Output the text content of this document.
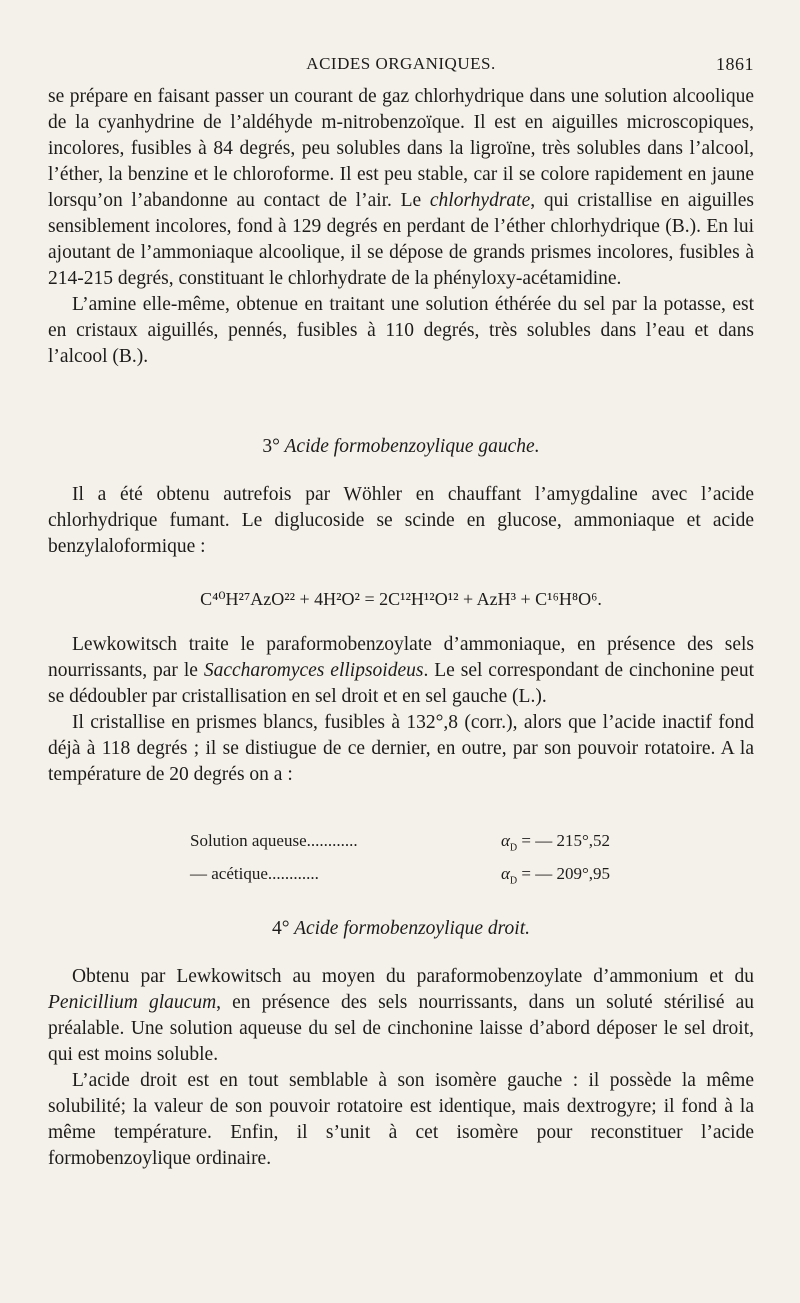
ACIDES ORGANIQUES.	1861

se prépare en faisant passer un courant de gaz chlorhydrique dans une solution alcoolique de la cyanhydrine de l’aldéhyde m-nitrobenzoïque. Il est en aiguilles microscopiques, incolores, fusibles à 84 degrés, peu solubles dans la ligroïne, très solubles dans l’alcool, l’éther, la benzine et le chloroforme. Il est peu stable, car il se colore rapidement en jaune lorsqu’on l’abandonne au contact de l’air. Le chlorhydrate, qui cristallise en aiguilles sensiblement incolores, fond à 129 degrés en perdant de l’éther chlorhydrique (B.). En lui ajoutant de l’ammoniaque alcoolique, il se dépose de grands prismes incolores, fusibles à 214-215 degrés, constituant le chlorhydrate de la phényloxy-acétamidine.

L’amine elle-même, obtenue en traitant une solution éthérée du sel par la potasse, est en cristaux aiguillés, pennés, fusibles à 110 degrés, très solubles dans l’eau et dans l’alcool (B.).

3° Acide formobenzoylique gauche.

Il a été obtenu autrefois par Wöhler en chauffant l’amygdaline avec l’acide chlorhydrique fumant. Le diglucoside se scinde en glucose, ammoniaque et acide benzylaloformique :

C⁴⁰H²⁷AzO²² + 4H²O² = 2C¹²H¹²O¹² + AzH³ + C¹⁶H⁸O⁶.

Lewkowitsch traite le paraformobenzoylate d’ammoniaque, en présence des sels nourrissants, par le Saccharomyces ellipsoideus. Le sel correspondant de cinchonine peut se dédoubler par cristallisation en sel droit et en sel gauche (L.).

Il cristallise en prismes blancs, fusibles à 132°,8 (corr.), alors que l’acide inactif fond déjà à 118 degrés ; il se distiugue de ce dernier, en outre, par son pouvoir rotatoire. A la température de 20 degrés on a :

Solution aqueuse............	$\alpha_D$ = — 215°,52
— acétique............	$\alpha_D$ = — 209°,95
4° Acide formobenzoylique droit.

Obtenu par Lewkowitsch au moyen du paraformobenzoylate d’ammonium et du Penicillium glaucum, en présence des sels nourrissants, dans un soluté stérilisé au préalable. Une solution aqueuse du sel de cinchonine laisse d’abord déposer le sel droit, qui est moins soluble.

L’acide droit est en tout semblable à son isomère gauche : il possède la même solubilité; la valeur de son pouvoir rotatoire est identique, mais dextrogyre; il fond à la même température. Enfin, il s’unit à cet isomère pour reconstituer l’acide formobenzoylique ordinaire.
